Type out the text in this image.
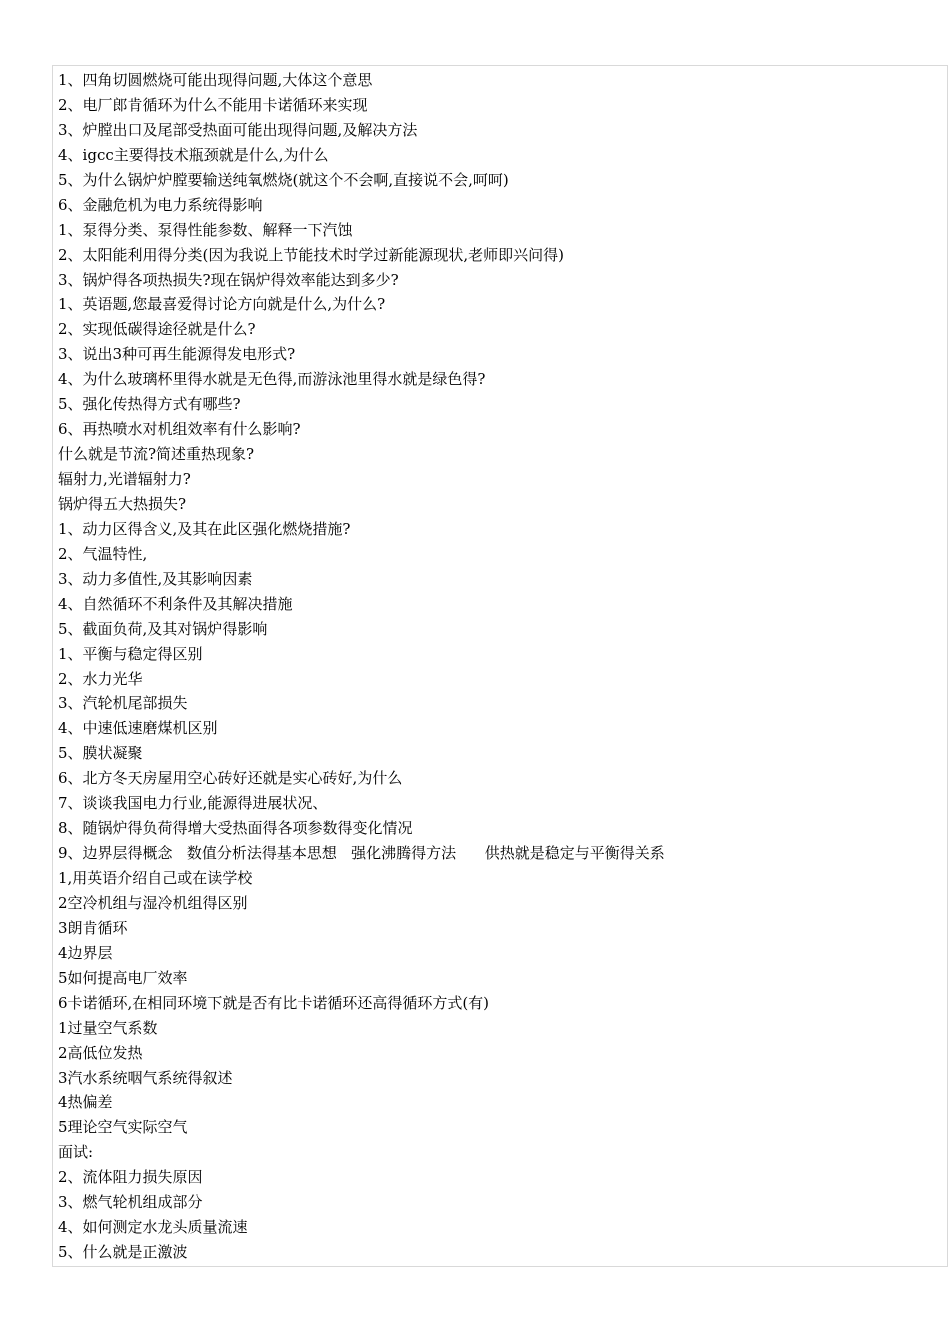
1、四角切圆燃烧可能出现得问题,大体这个意思
2、电厂郎肯循环为什么不能用卡诺循环来实现
3、炉膛出口及尾部受热面可能出现得问题,及解决方法
4、igcc主要得技术瓶颈就是什么,为什么
5、为什么锅炉炉膛要输送纯氧燃烧(就这个不会啊,直接说不会,呵呵)
6、金融危机为电力系统得影响
1、泵得分类、泵得性能参数、解释一下汽蚀
2、太阳能利用得分类(因为我说上节能技术时学过新能源现状,老师即兴问得)
3、锅炉得各项热损失?现在锅炉得效率能达到多少?
1、英语题,您最喜爱得讨论方向就是什么,为什么?
2、实现低碳得途径就是什么?
3、说出3种可再生能源得发电形式?
4、为什么玻璃杯里得水就是无色得,而游泳池里得水就是绿色得?
5、强化传热得方式有哪些?
6、再热喷水对机组效率有什么影响?
什么就是节流?简述重热现象?
辐射力,光谱辐射力?
锅炉得五大热损失?
1、动力区得含义,及其在此区强化燃烧措施?
2、气温特性,
3、动力多值性,及其影响因素
4、自然循环不利条件及其解决措施
5、截面负荷,及其对锅炉得影响
1、平衡与稳定得区别
2、水力光华
3、汽轮机尾部损失
4、中速低速磨煤机区别
5、膜状凝聚
6、北方冬天房屋用空心砖好还就是实心砖好,为什么
7、谈谈我国电力行业,能源得进展状况、
8、随锅炉得负荷得增大受热面得各项参数得变化情况
9、边界层得概念   数值分析法得基本思想   强化沸腾得方法      供热就是稳定与平衡得关系
1,用英语介绍自己或在读学校
2空冷机组与湿冷机组得区别
3朗肯循环
4边界层
5如何提高电厂效率
6卡诺循环,在相同环境下就是否有比卡诺循环还高得循环方式(有)
1过量空气系数
2高低位发热
3汽水系统咽气系统得叙述
4热偏差
5理论空气实际空气
面试:
2、流体阻力损失原因
3、燃气轮机组成部分
4、如何测定水龙头质量流速
5、什么就是正激波
